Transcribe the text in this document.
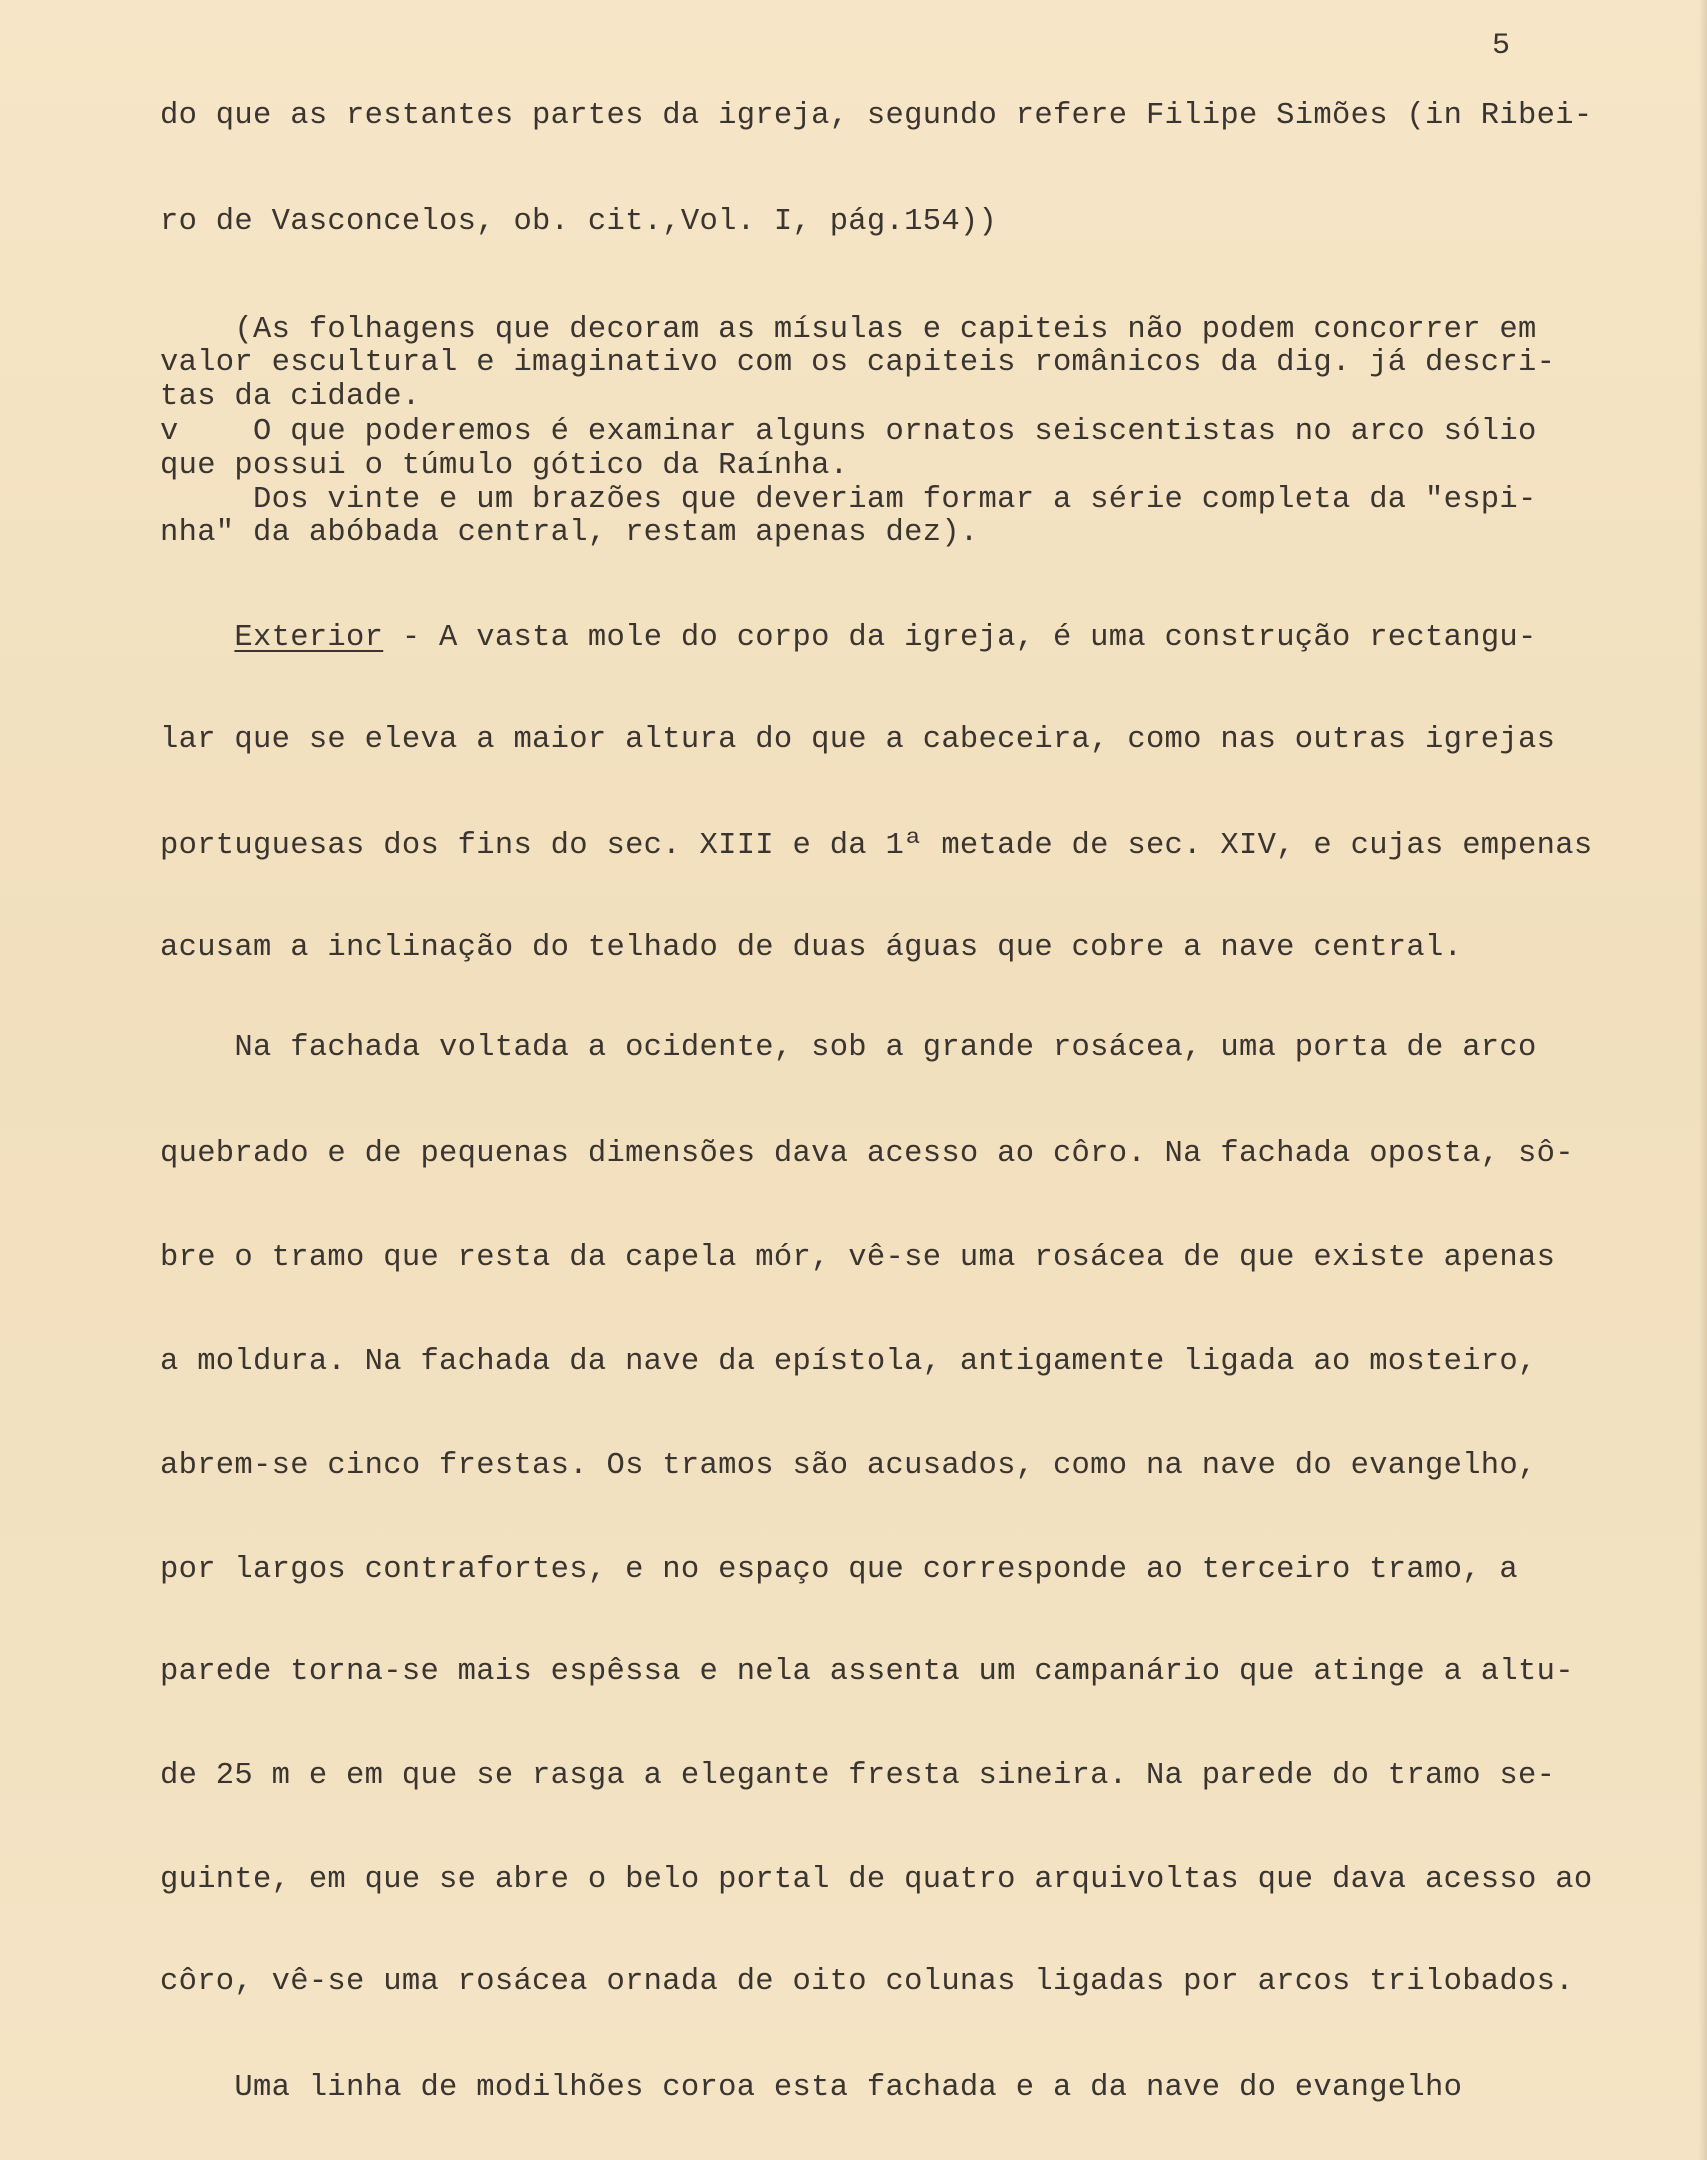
5
do que as restantes partes da igreja, segundo refere Filipe Simões (in Ribei-
ro de Vasconcelos, ob. cit.,Vol. I, pág.154))
(As folhagens que decoram as mísulas e capiteis não podem concorrer em
valor escultural e imaginativo com os capiteis românicos da dig. já descri-
tas da cidade.
v    O que poderemos é examinar alguns ornatos seiscentistas no arco sólio
que possui o túmulo gótico da Raínha.
Dos vinte e um brazões que deveriam formar a série completa da "espi-
nha" da abóbada central, restam apenas dez).
Exterior - A vasta mole do corpo da igreja, é uma construção rectangu-
lar que se eleva a maior altura do que a cabeceira, como nas outras igrejas
portuguesas dos fins do sec. XIII e da 1ª metade de sec. XIV, e cujas empenas
acusam a inclinação do telhado de duas águas que cobre a nave central.
Na fachada voltada a ocidente, sob a grande rosácea, uma porta de arco
quebrado e de pequenas dimensões dava acesso ao côro. Na fachada oposta, sô-
bre o tramo que resta da capela mór, vê-se uma rosácea de que existe apenas
a moldura. Na fachada da nave da epístola, antigamente ligada ao mosteiro,
abrem-se cinco frestas. Os tramos são acusados, como na nave do evangelho,
por largos contrafortes, e no espaço que corresponde ao terceiro tramo, a
parede torna-se mais espêssa e nela assenta um campanário que atinge a altu-
de 25 m e em que se rasga a elegante fresta sineira. Na parede do tramo se-
guinte, em que se abre o belo portal de quatro arquivoltas que dava acesso ao
côro, vê-se uma rosácea ornada de oito colunas ligadas por arcos trilobados.
Uma linha de modilhões coroa esta fachada e a da nave do evangelho
